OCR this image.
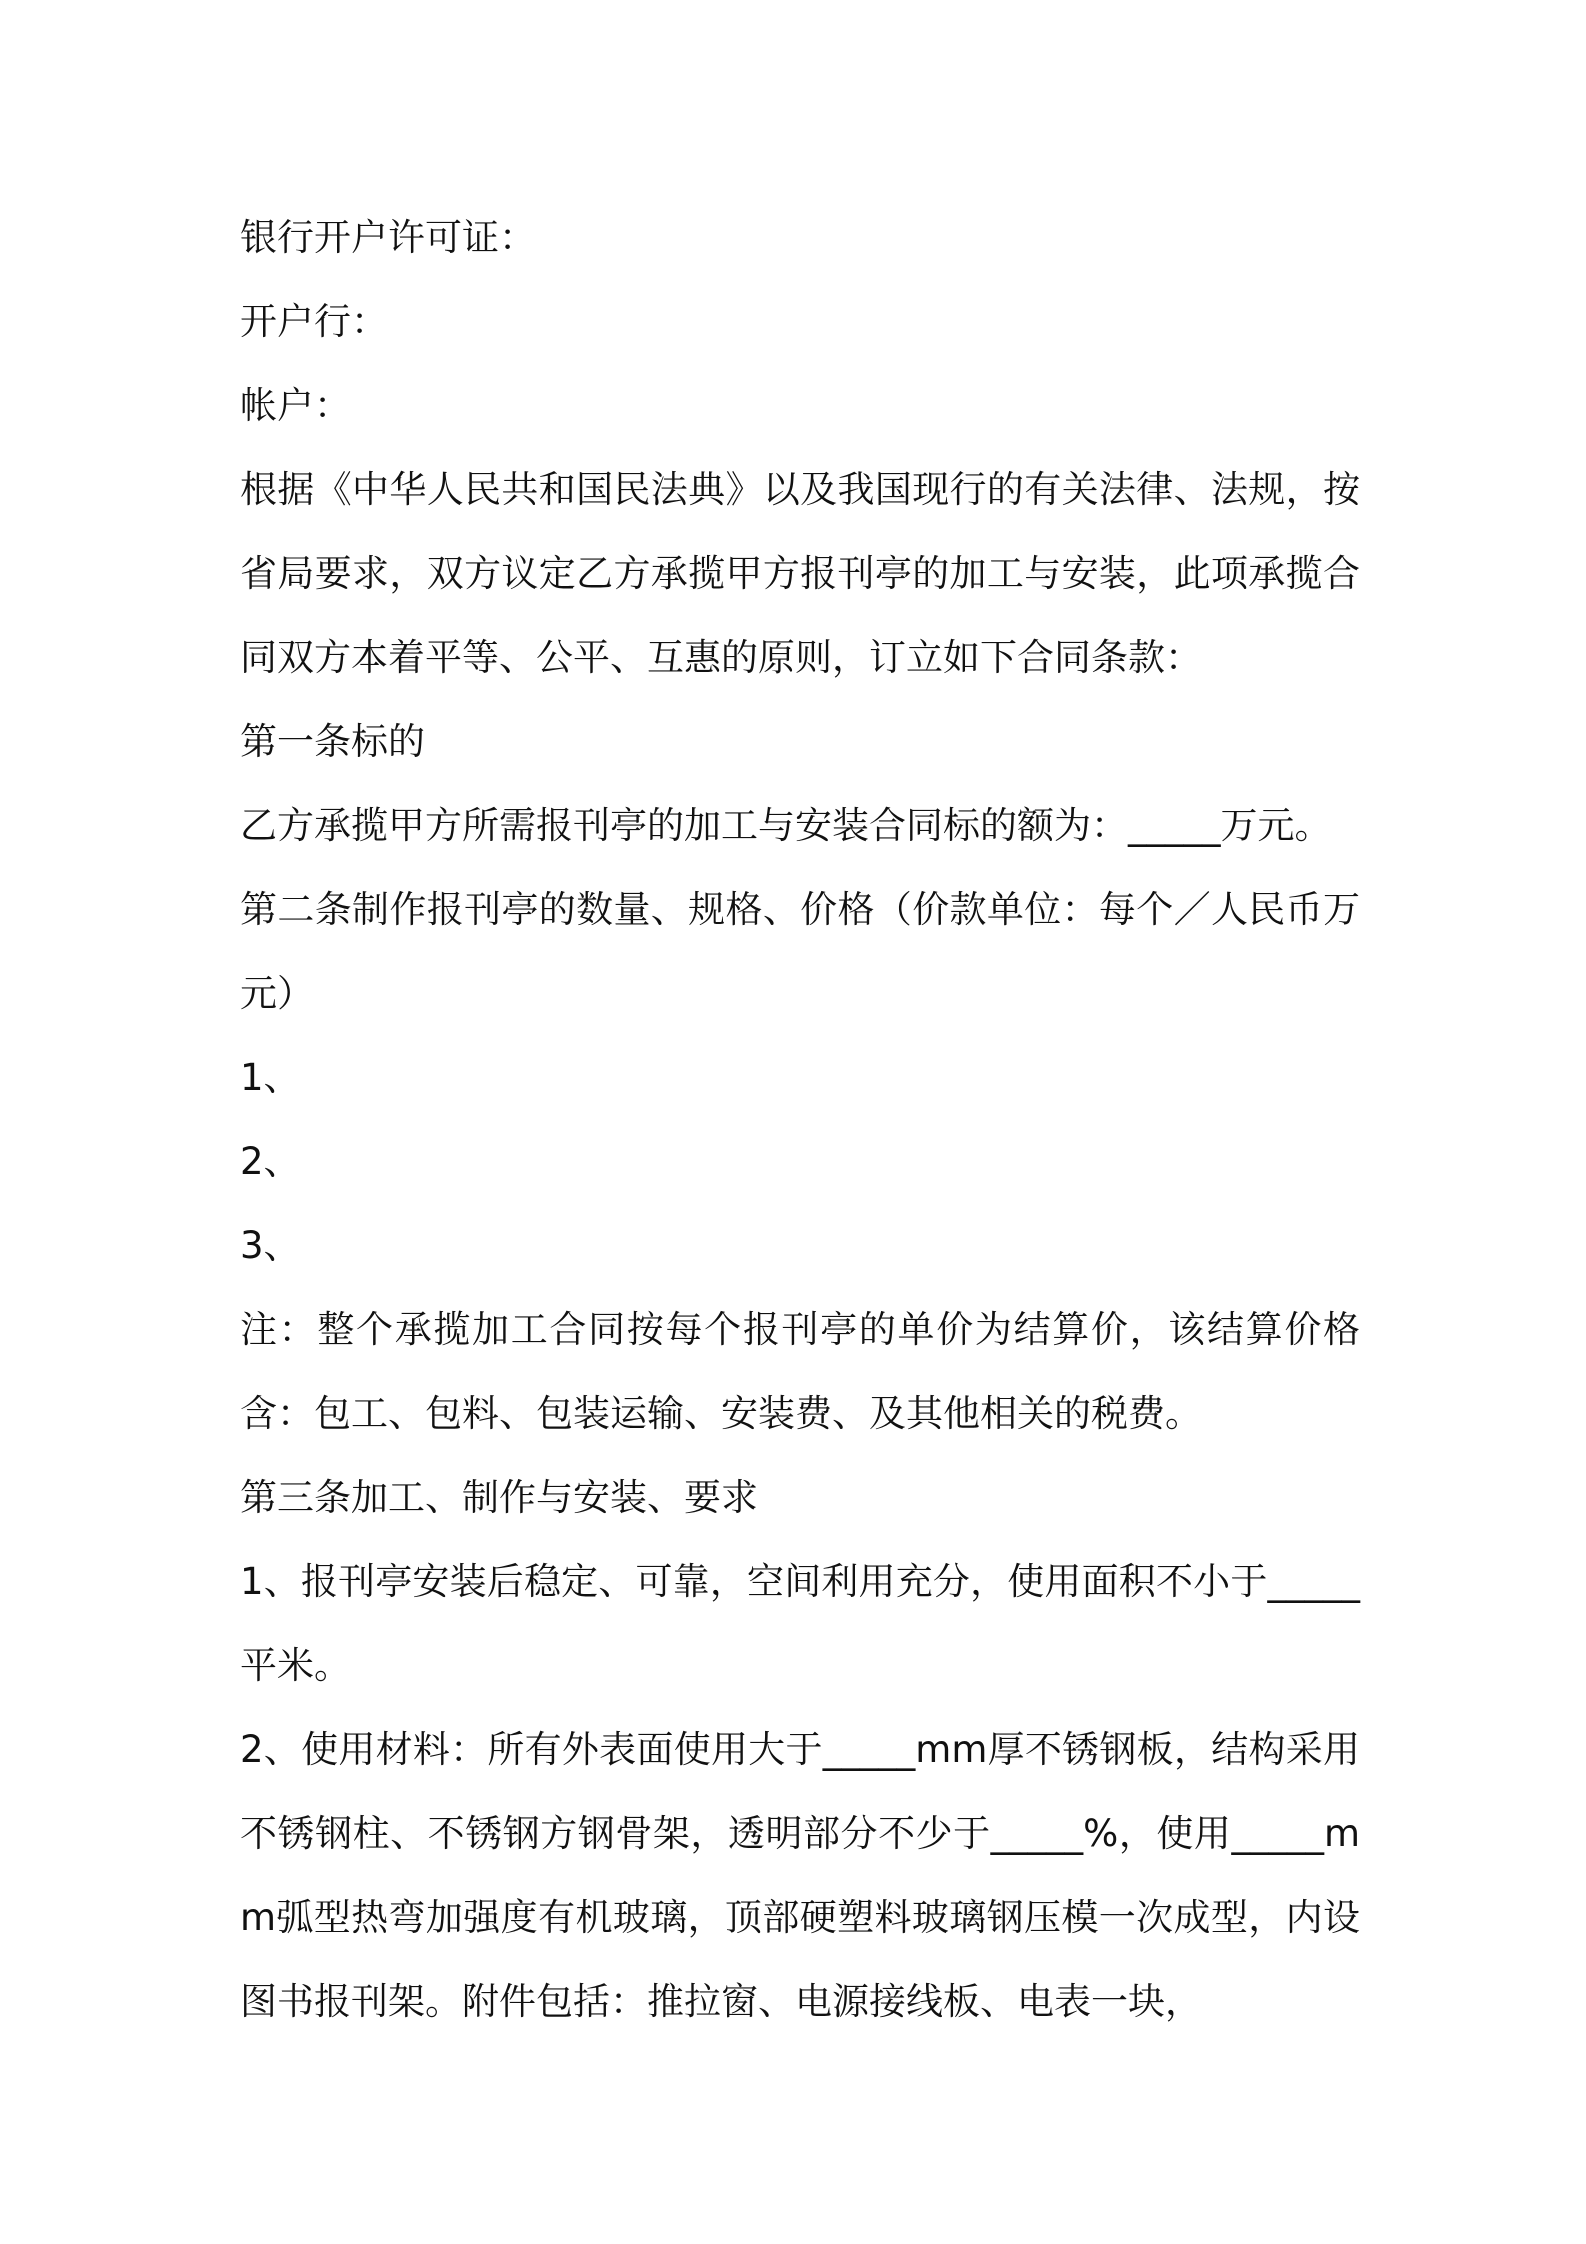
银行开户许可证：

开户行：

帐户：

根据《中华人民共和国民法典》以及我国现行的有关法律、法规，按省局要求，双方议定乙方承揽甲方报刊亭的加工与安装，此项承揽合同双方本着平等、公平、互惠的原则，订立如下合同条款：

第一条标的

乙方承揽甲方所需报刊亭的加工与安装合同标的额为：_____万元。

第二条制作报刊亭的数量、规格、价格（价款单位：每个／人民币万元）

1、

2、

3、

注：整个承揽加工合同按每个报刊亭的单价为结算价，该结算价格含：包工、包料、包装运输、安装费、及其他相关的税费。

第三条加工、制作与安装、要求

1、报刊亭安装后稳定、可靠，空间利用充分，使用面积不小于_____平米。

2、使用材料：所有外表面使用大于_____mm厚不锈钢板，结构采用不锈钢柱、不锈钢方钢骨架，透明部分不少于_____%，使用_____mm弧型热弯加强度有机玻璃，顶部硬塑料玻璃钢压模一次成型，内设图书报刊架。附件包括：推拉窗、电源接线板、电表一块，
